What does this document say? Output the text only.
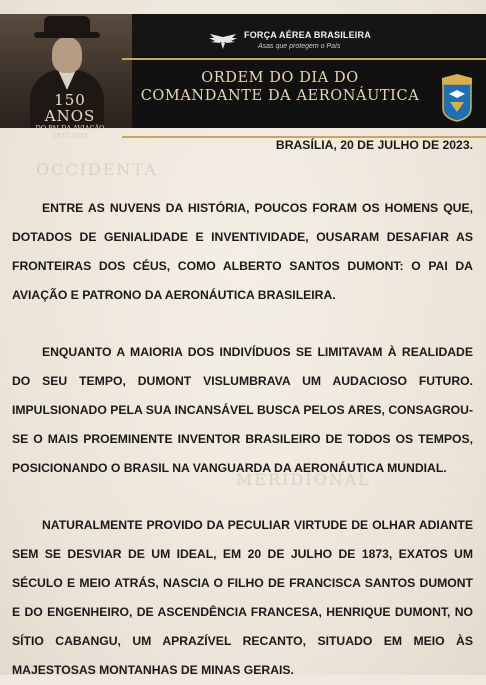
OCCIDENTA
MERIDIONAL
150 ANOS
DO PAI DA AVIAÇÃO
1873-2023
FORÇA AÉREA BRASILEIRA
Asas que protegem o País
ORDEM DO DIA DO
COMANDANTE DA AERONÁUTICA

BRASÍLIA, 20 DE JULHO DE 2023.

ENTRE AS NUVENS DA HISTÓRIA, POUCOS FORAM OS HOMENS QUE, DOTADOS DE GENIALIDADE E INVENTIVIDADE, OUSARAM DESAFIAR AS FRONTEIRAS DOS CÉUS, COMO ALBERTO SANTOS DUMONT: O PAI DA AVIAÇÃO E PATRONO DA AERONÁUTICA BRASILEIRA.

ENQUANTO A MAIORIA DOS INDIVÍDUOS SE LIMITAVAM À REALIDADE DO SEU TEMPO, DUMONT VISLUMBRAVA UM AUDACIOSO FUTURO. IMPULSIONADO PELA SUA INCANSÁVEL BUSCA PELOS ARES, CONSAGROU-SE O MAIS PROEMINENTE INVENTOR BRASILEIRO DE TODOS OS TEMPOS, POSICIONANDO O BRASIL NA VANGUARDA DA AERONÁUTICA MUNDIAL.

NATURALMENTE PROVIDO DA PECULIAR VIRTUDE DE OLHAR ADIANTE SEM SE DESVIAR DE UM IDEAL, EM 20 DE JULHO DE 1873, EXATOS UM SÉCULO E MEIO ATRÁS, NASCIA O FILHO DE FRANCISCA SANTOS DUMONT E DO ENGENHEIRO, DE ASCENDÊNCIA FRANCESA, HENRIQUE DUMONT, NO SÍTIO CABANGU, UM APRAZÍVEL RECANTO, SITUADO EM MEIO ÀS MAJESTOSAS MONTANHAS DE MINAS GERAIS.
